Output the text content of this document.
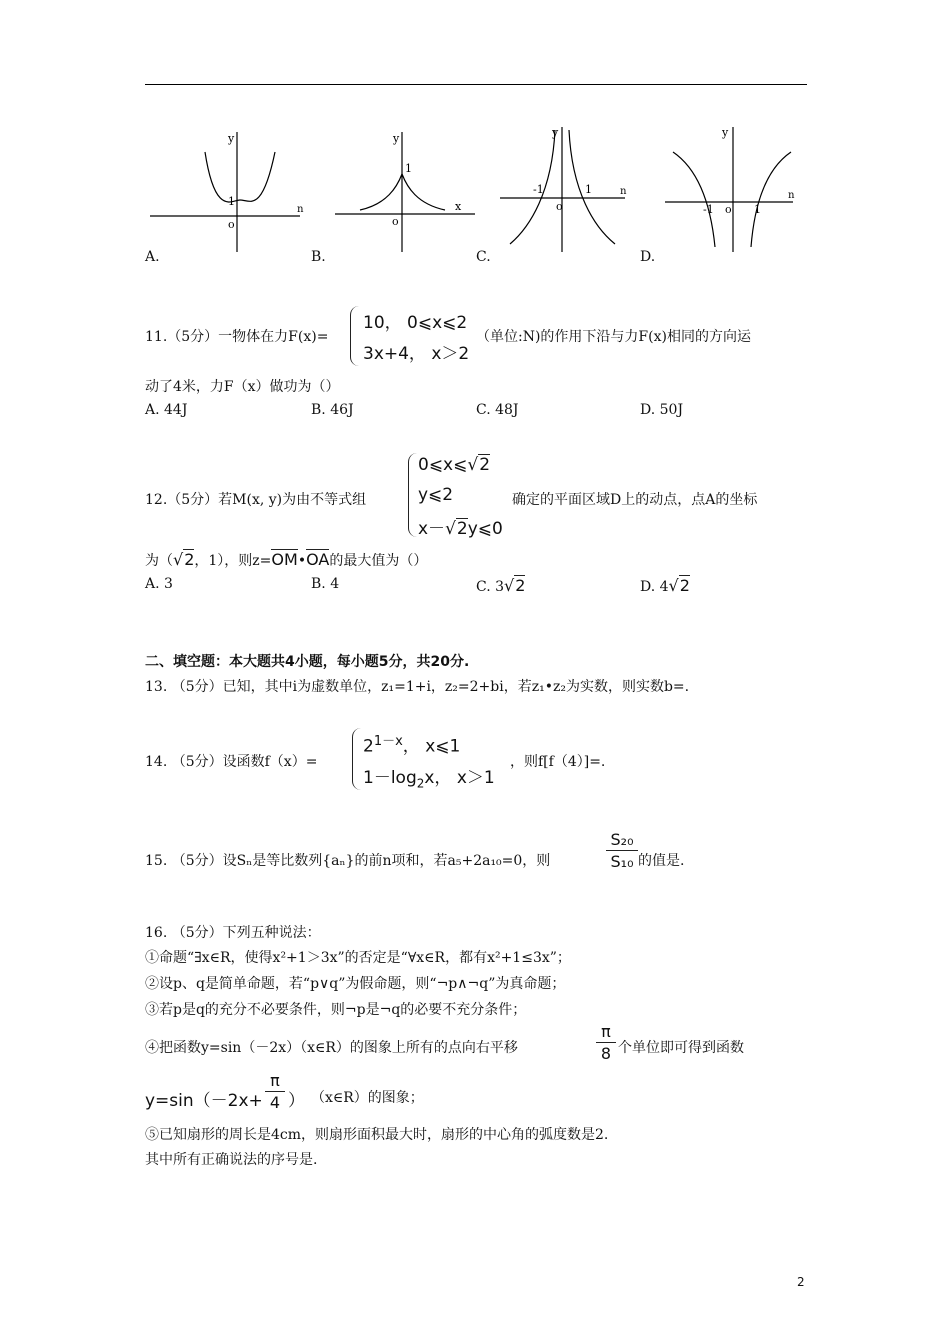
y
ո
1
o
A.
y
x
1
o
B.
y
ո
-1	1
o
C.
y
ո
-1	1
o
D.
11.（5分）一物体在力F(x)=
10， 0⩽x⩽2
3x+4， x＞2
（单位:N)的作用下沿与力F(x)相同的方向运
动了4米，力F（x）做功为（）
A. 44J	B. 46J	C. 48J	D. 50J
12.（5分）若M(x, y)为由不等式组
0⩽x⩽√2
y⩽2
x－√2y⩽0
确定的平面区域D上的动点，点A的坐标
为（√2，1），则z=OM•OA的最大值为（）
A. 3	B. 4	C. 3√2	D. 4√2
二、填空题：本大题共4小题，每小题5分，共20分.
13. （5分）已知，其中i为虚数单位，z₁=1+i，z₂=2+bi，若z₁•z₂为实数，则实数b=.
14. （5分）设函数f（x）=
$2^{1-x}$， x⩽1
$1-\log_2x$， x＞1
，则f[f（4）]=.
15. （5分）设Sₙ是等比数列{aₙ}的前n项和，若a₅+2a₁₀=0，则
S₂₀
S₁₀ 的值是.
16. （5分）下列五种说法：
①命题“∃x∈R，使得x²+1＞3x”的否定是“∀x∈R，都有x²+1≤3x”；
②设p、q是简单命题，若“p∨q”为假命题，则“¬p∧¬q”为真命题；
③若p是q的充分不必要条件，则¬p是¬q的必要不充分条件；
④把函数y=sin（－2x）（x∈R）的图象上所有的点向右平移
π
8 个单位即可得到函数
y=sin（－2x+
π
4 ） （x∈R）的图象；
⑤已知扇形的周长是4cm，则扇形面积最大时，扇形的中心角的弧度数是2.
其中所有正确说法的序号是.
2
